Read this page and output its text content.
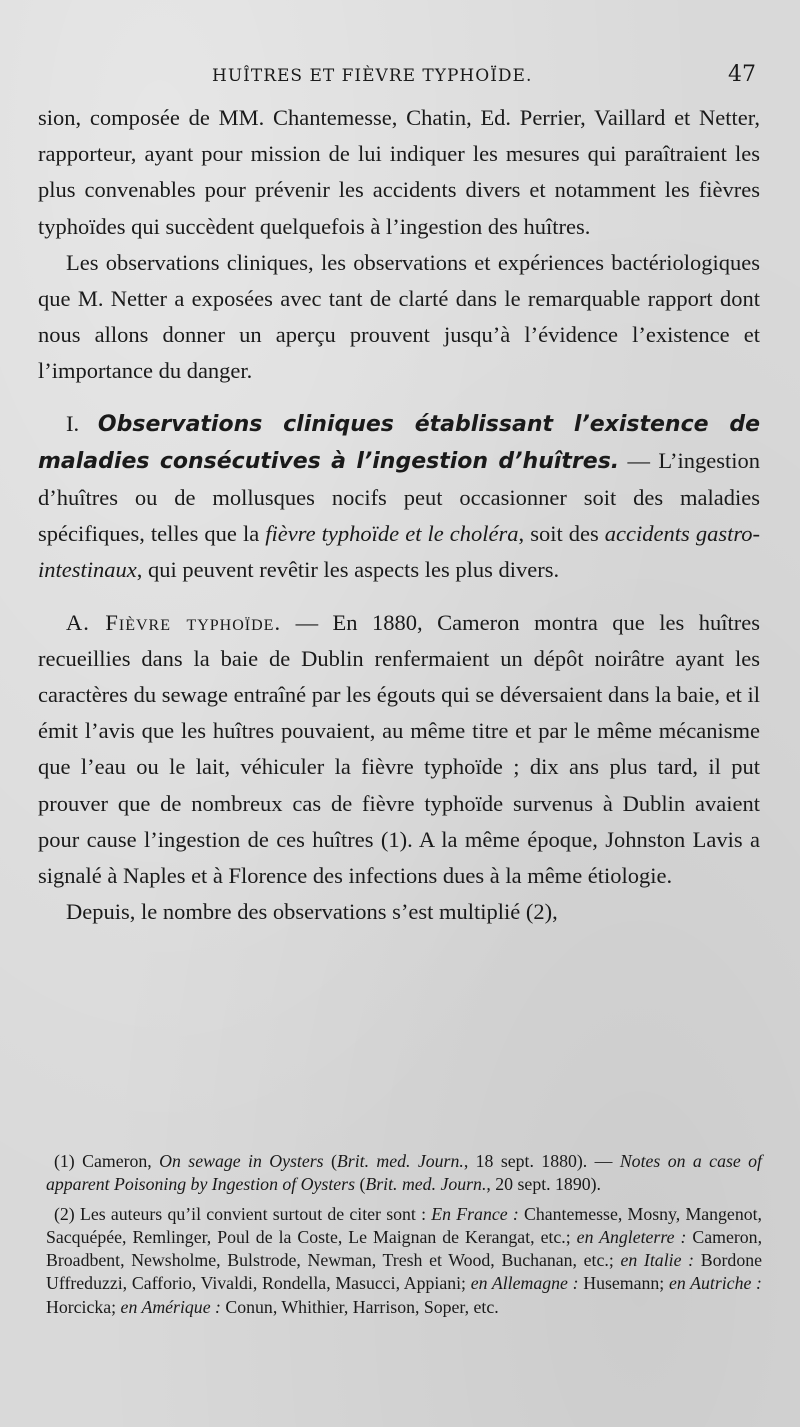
HUÎTRES ET FIÈVRE TYPHOÏDE.	47

sion, composée de MM. Chantemesse, Chatin, Ed. Perrier, Vaillard et Netter, rapporteur, ayant pour mission de lui indiquer les mesures qui paraîtraient les plus convenables pour prévenir les accidents divers et notamment les fièvres typhoïdes qui succèdent quelquefois à l’ingestion des huîtres.

Les observations cliniques, les observations et expériences bactériologiques que M. Netter a exposées avec tant de clarté dans le remarquable rapport dont nous allons donner un aperçu prouvent jusqu’à l’évidence l’existence et l’importance du danger.

I. Observations cliniques établissant l’existence de maladies consécutives à l’ingestion d’huîtres. — L’ingestion d’huîtres ou de mollusques nocifs peut occasionner soit des maladies spécifiques, telles que la fièvre typhoïde et le choléra, soit des accidents gastro-intestinaux, qui peuvent revêtir les aspects les plus divers.

A. Fièvre typhoïde. — En 1880, Cameron montra que les huîtres recueillies dans la baie de Dublin renfermaient un dépôt noirâtre ayant les caractères du sewage entraîné par les égouts qui se déversaient dans la baie, et il émit l’avis que les huîtres pouvaient, au même titre et par le même mécanisme que l’eau ou le lait, véhiculer la fièvre typhoïde ; dix ans plus tard, il put prouver que de nombreux cas de fièvre typhoïde survenus à Dublin avaient pour cause l’ingestion de ces huîtres (1). A la même époque, Johnston Lavis a signalé à Naples et à Florence des infections dues à la même étiologie.

Depuis, le nombre des observations s’est multiplié (2),

(1) Cameron, On sewage in Oysters (Brit. med. Journ., 18 sept. 1880). — Notes on a case of apparent Poisoning by Ingestion of Oysters (Brit. med. Journ., 20 sept. 1890).

(2) Les auteurs qu’il convient surtout de citer sont : En France : Chantemesse, Mosny, Mangenot, Sacquépée, Remlinger, Poul de la Coste, Le Maignan de Kerangat, etc.; en Angleterre : Cameron, Broadbent, Newsholme, Bulstrode, Newman, Tresh et Wood, Buchanan, etc.; en Italie : Bordone Uffreduzzi, Cafforio, Vivaldi, Rondella, Masucci, Appiani; en Allemagne : Husemann; en Autriche : Horcicka; en Amérique : Conun, Whithier, Harrison, Soper, etc.
